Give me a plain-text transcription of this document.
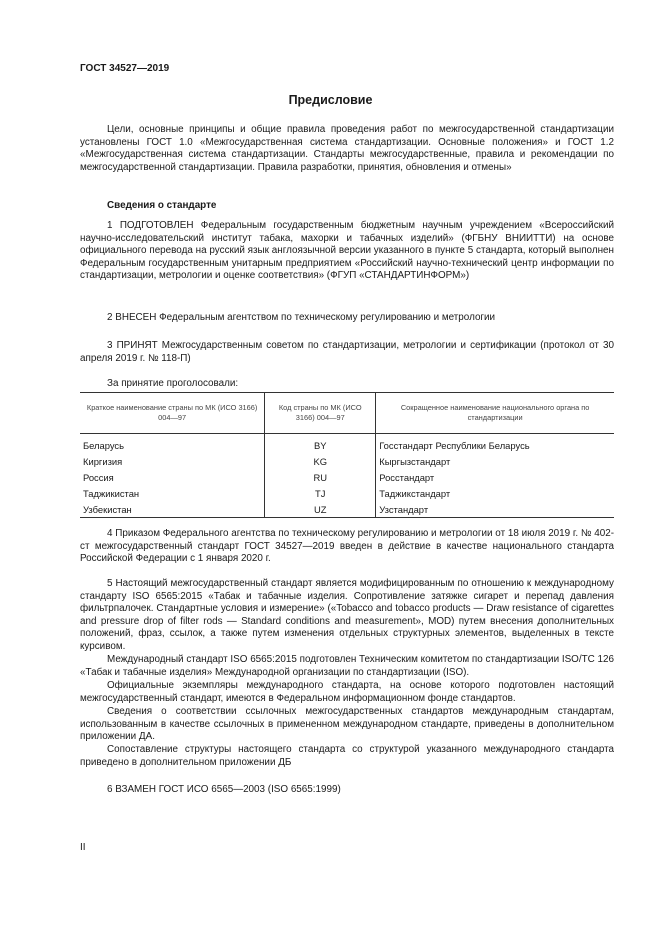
ГОСТ 34527—2019
Предисловие

Цели, основные принципы и общие правила проведения работ по межгосударственной стандартизации установлены ГОСТ 1.0 «Межгосударственная система стандартизации. Основные положения» и ГОСТ 1.2 «Межгосударственная система стандартизации. Стандарты межгосударственные, правила и рекомендации по межгосударственной стандартизации. Правила разработки, принятия, обновления и отмены»

Сведения о стандарте

1 ПОДГОТОВЛЕН Федеральным государственным бюджетным научным учреждением «Всероссийский научно-исследовательский институт табака, махорки и табачных изделий» (ФГБНУ ВНИИТТИ) на основе официального перевода на русский язык англоязычной версии указанного в пункте 5 стандарта, который выполнен Федеральным государственным унитарным предприятием «Российский научно-технический центр информации по стандартизации, метрологии и оценке соответствия» (ФГУП «СТАНДАРТИНФОРМ»)

2 ВНЕСЕН Федеральным агентством по техническому регулированию и метрологии

3 ПРИНЯТ Межгосударственным советом по стандартизации, метрологии и сертификации (протокол от 30 апреля 2019 г. № 118-П)

За принятие проголосовали:
Краткое наименование страны по МК (ИСО 3166) 004—97	Код страны по МК (ИСО 3166) 004—97	Сокращенное наименование национального органа по стандартизации
Беларусь	BY	Госстандарт Республики Беларусь
Киргизия	KG	Кыргызстандарт
Россия	RU	Росстандарт
Таджикистан	TJ	Таджикстандарт
Узбекистан	UZ	Узстандарт

4 Приказом Федерального агентства по техническому регулированию и метрологии от 18 июля 2019 г. № 402-ст межгосударственный стандарт ГОСТ 34527—2019 введен в действие в качестве национального стандарта Российской Федерации с 1 января 2020 г.

5 Настоящий межгосударственный стандарт является модифицированным по отношению к международному стандарту ISO 6565:2015 «Табак и табачные изделия. Сопротивление затяжке сигарет и перепад давления фильтрпалочек. Стандартные условия и измерение» («Tobacco and tobacco products — Draw resistance of cigarettes and pressure drop of filter rods — Standard conditions and measurement», MOD) путем внесения дополнительных положений, фраз, ссылок, а также путем изменения отдельных структурных элементов, выделенных в тексте курсивом.

Международный стандарт ISO 6565:2015 подготовлен Техническим комитетом по стандартизации ISO/TC 126 «Табак и табачные изделия» Международной организации по стандартизации (ISO).

Официальные экземпляры международного стандарта, на основе которого подготовлен настоящий межгосударственный стандарт, имеются в Федеральном информационном фонде стандартов.

Сведения о соответствии ссылочных межгосударственных стандартов международным стандартам, использованным в качестве ссылочных в примененном международном стандарте, приведены в дополнительном приложении ДА.

Сопоставление структуры настоящего стандарта со структурой указанного международного стандарта приведено в дополнительном приложении ДБ

6 ВЗАМЕН ГОСТ ИСО 6565—2003 (ISO 6565:1999)

II
